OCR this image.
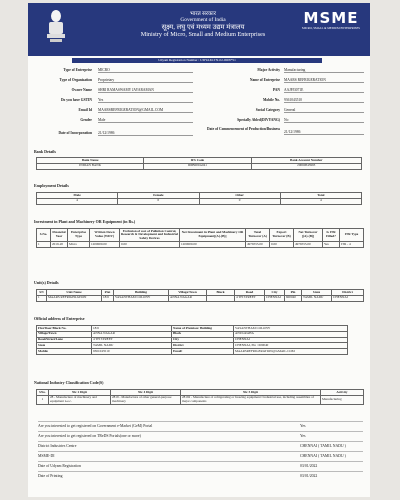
भारत सरकार
Government of India
सूक्ष्म, लघु एवं मध्यम उद्यम मंत्रालय
Ministry of Micro, Small and Medium Enterprises
MSME
MICRO, SMALL & MEDIUM ENTERPRISES
Udyam Registration Number : UDYAM-TN-02-0008*51
Type of Enterprise MICRO
Type of Organisation Proprietary
Owner Name SHRI RAMASWAMY JAYARAMAN
Do you have GSTIN Yes
Email Id MAARSREFRIGERATION@GMAIL.COM
Gender Male
Date of Incorporation 21/12/1986
Major Activity Manufacturing
Name of Enterprise MAARS REFRIGERATION
PAN AAJPJ3071E
Mobile No. 9361043510
Social Category General
Specially Abled(DIVYANG) No
Date of Commencement of Production/Business
21/12/1986
Bank Details
Bank Name	IFS Code	Bank Account Number
INDIAN BANK	IDIB000A041	20060843993
Employment Details
Male	Female	Other	Total
4	0	0	4
Investment in Plant and Machinery OR Equipment (in Rs.)
S.No.	Financial Year	Enterprise Type	Written Down Value (WDV)	Exclusion of cost of Pollution Control, Research & Development and Industrial Safety Devices	Net Investment in Plant and Machinery OR Equipment[(A)-(B)]	Total Turnover (A)	Export Turnover (B)	Net Turnover [(A)-(B)]	Is ITR Filled?	ITR Type
1	2019-20	Micro	1200000.00	0.00	1200000.00	4976555.00	0.00	4976555.00	Yes	ITR - 4
Unit(s) Details
SN	Unit Name	Flat	Building	Village/Town	Block	Road	City	Pin	State	District
1	MAARS REFRIGERATION	18/6	VASANTHAM COLONY	ANNA NAGAR		4 TH STREET	CHENNAI	600040	TAMIL NADU	CHENNAI
Official address of Enterprise
Flat/Door/Block No.	18/6	Name of Premises/ Building	VASANTHAM COLONY
Village/Town	ANNA NAGAR	Block	ANUGRAHA
Road/Street/Lane	4 TH STREET	City	CHENNAI
State	TAMIL NADU	District	CHENNAI, Pin : 600040
Mobile	9361043510	Email:	MAARSREFRIGERATION@GMAIL.COM
National Industry Classification Code(S)
SNo.	Nic 2 Digit	Nic 4 Digit	Nic 5 Digit	Activity
1	28 - Manufacture of machinery and equipment n.e.c.	2819 - Manufacture of other general-purpose machinery	28192 - Manufacture of refrigerating or freezing equipment f industrial use, including assemblies of major components	Manufacturing
Are you interested to get registered on Government e-Market (GeM) Portal	Yes
Are you interested to get registered on TReDS Portals(one or more)	Yes
District Industries Centre	CHENNAI ( TAMIL NADU )
MSME-DI	CHENNAI ( TAMIL NADU )
Date of Udyam Registration	03/01/2022
Date of Printing	03/01/2022
